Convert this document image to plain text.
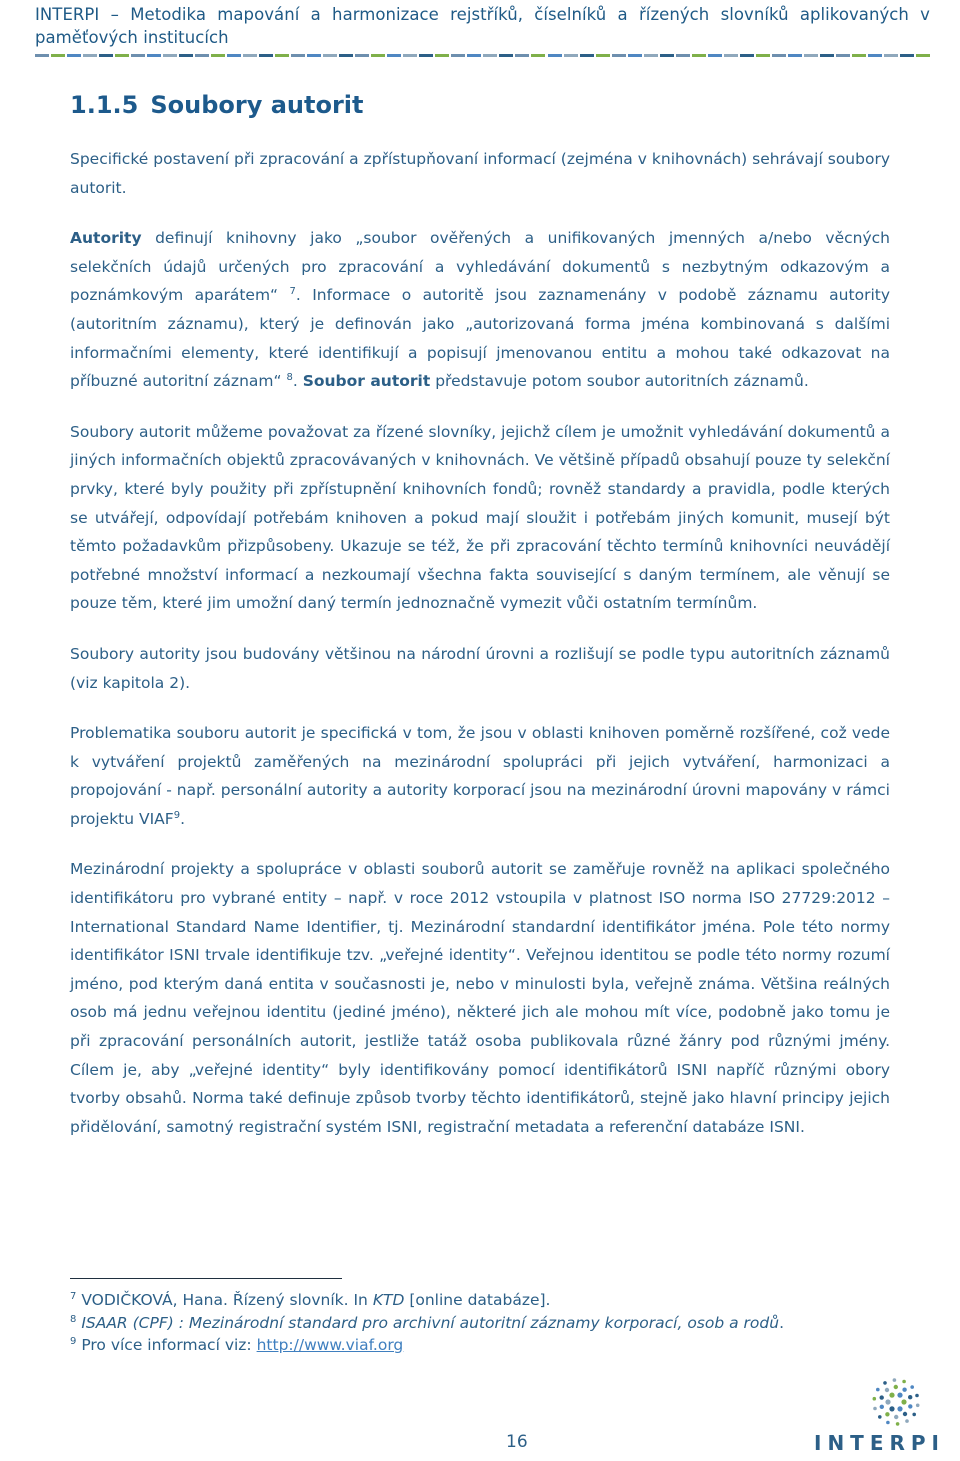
INTERPI – Metodika mapování a harmonizace rejstříků, číselníků a řízených slovníků aplikovaných v paměťových institucích
1.1.5 Soubory autorit

Specifické postavení při zpracování a zpřístupňovaní informací (zejména v knihovnách) sehrávají soubory autorit.

Autority definují knihovny jako „soubor ověřených a unifikovaných jmenných a/nebo věcných selekčních údajů určených pro zpracování a vyhledávání dokumentů s nezbytným odkazovým a poznámkovým aparátem“ $^7$. Informace o autoritě jsou zaznamenány v podobě záznamu autority (autoritním záznamu), který je definován jako „autorizovaná forma jména kombinovaná s dalšími informačními elementy, které identifikují a popisují jmenovanou entitu a mohou také odkazovat na příbuzné autoritní záznam“ $^8$. Soubor autorit představuje potom soubor autoritních záznamů.

Soubory autorit můžeme považovat za řízené slovníky, jejichž cílem je umožnit vyhledávání dokumentů a jiných informačních objektů zpracovávaných v knihovnách. Ve většině případů obsahují pouze ty selekční prvky, které byly použity při zpřístupnění knihovních fondů; rovněž standardy a pravidla, podle kterých se utvářejí, odpovídají potřebám knihoven a pokud mají sloužit i potřebám jiných komunit, musejí být těmto požadavkům přizpůsobeny. Ukazuje se též, že při zpracování těchto termínů knihovníci neuvádějí potřebné množství informací a nezkoumají všechna fakta související s daným termínem, ale věnují se pouze těm, které jim umožní daný termín jednoznačně vymezit vůči ostatním termínům.

Soubory autority jsou budovány většinou na národní úrovni a rozlišují se podle typu autoritních záznamů (viz kapitola 2).

Problematika souboru autorit je specifická v tom, že jsou v oblasti knihoven poměrně rozšířené, což vede k vytváření projektů zaměřených na mezinárodní spolupráci při jejich vytváření, harmonizaci a propojování - např. personální autority a autority korporací jsou na mezinárodní úrovni mapovány v rámci projektu VIAF$^9$.

Mezinárodní projekty a spolupráce v oblasti souborů autorit se zaměřuje rovněž na aplikaci společného identifikátoru pro vybrané entity – např. v roce 2012 vstoupila v platnost ISO norma ISO 27729:2012 – International Standard Name Identifier, tj. Mezinárodní standardní identifikátor jména. Pole této normy identifikátor ISNI trvale identifikuje tzv. „veřejné identity“. Veřejnou identitou se podle této normy rozumí jméno, pod kterým daná entita v současnosti je, nebo v minulosti byla, veřejně známa. Většina reálných osob má jednu veřejnou identitu (jediné jméno), některé jich ale mohou mít více, podobně jako tomu je při zpracování personálních autorit, jestliže tatáž osoba publikovala různé žánry pod různými jmény. Cílem je, aby „veřejné identity“ byly identifikovány pomocí identifikátorů ISNI napříč různými obory tvorby obsahů. Norma také definuje způsob tvorby těchto identifikátorů, stejně jako hlavní principy jejich přidělování, samotný registrační systém ISNI, registrační metadata a referenční databáze ISNI.

$^7$ VODIČKOVÁ, Hana. Řízený slovník. In KTD [online databáze].

$^8$ ISAAR (CPF) : Mezinárodní standard pro archivní autoritní záznamy korporací, osob a rodů.

$^9$ Pro více informací viz: http://www.viaf.org

16	INTERPI
